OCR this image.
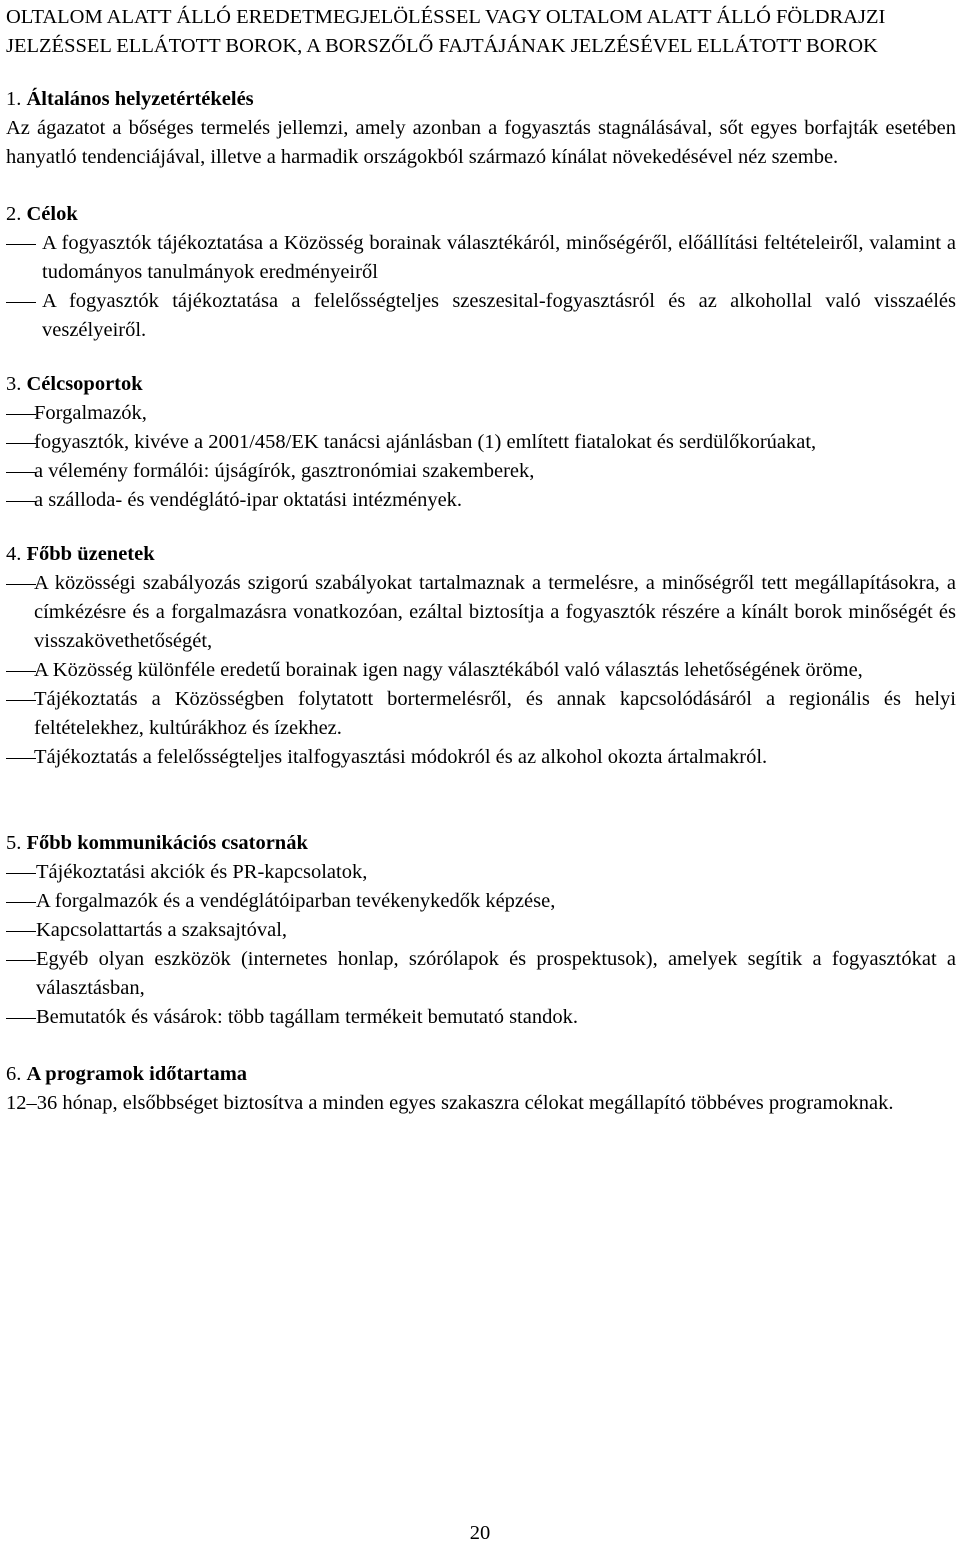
OLTALOM ALATT ÁLLÓ EREDETMEGJELÖLÉSSEL VAGY OLTALOM ALATT ÁLLÓ FÖLDRAJZI JELZÉSSEL ELLÁTOTT BOROK, A BORSZŐLŐ FAJTÁJÁNAK JELZÉSÉVEL ELLÁTOTT BOROK
1. Általános helyzetértékelés

Az ágazatot a bőséges termelés jellemzi, amely azonban a fogyasztás stagnálásával, sőt egyes borfajták esetében hanyatló tendenciájával, illetve a harmadik országokból származó kínálat növekedésével néz szembe.

2. Célok
A fogyasztók tájékoztatása a Közösség borainak választékáról, minőségéről, előállítási feltételeiről, valamint a tudományos tanulmányok eredményeiről
A fogyasztók tájékoztatása a felelősségteljes szeszesital-fogyasztásról és az alkohollal való visszaélés veszélyeiről.
3. Célcsoportok
Forgalmazók,
fogyasztók, kivéve a 2001/458/EK tanácsi ajánlásban (1) említett fiatalokat és serdülőkorúakat,
a vélemény formálói: újságírók, gasztronómiai szakemberek,
a szálloda- és vendéglátó-ipar oktatási intézmények.
4. Főbb üzenetek
A közösségi szabályozás szigorú szabályokat tartalmaznak a termelésre, a minőségről tett megállapításokra, a címkézésre és a forgalmazásra vonatkozóan, ezáltal biztosítja a fogyasztók részére a kínált borok minőségét és visszakövethetőségét,
A Közösség különféle eredetű borainak igen nagy választékából való választás lehetőségének öröme,
Tájékoztatás a Közösségben folytatott bortermelésről, és annak kapcsolódásáról a regionális és helyi feltételekhez, kultúrákhoz és ízekhez.
Tájékoztatás a felelősségteljes italfogyasztási módokról és az alkohol okozta ártalmakról.
5. Főbb kommunikációs csatornák
Tájékoztatási akciók és PR-kapcsolatok,
A forgalmazók és a vendéglátóiparban tevékenykedők képzése,
Kapcsolattartás a szaksajtóval,
Egyéb olyan eszközök (internetes honlap, szórólapok és prospektusok), amelyek segítik a fogyasztókat a választásban,
Bemutatók és vásárok: több tagállam termékeit bemutató standok.
6. A programok időtartama

12–36 hónap, elsőbbséget biztosítva a minden egyes szakaszra célokat megállapító többéves programoknak.

20
